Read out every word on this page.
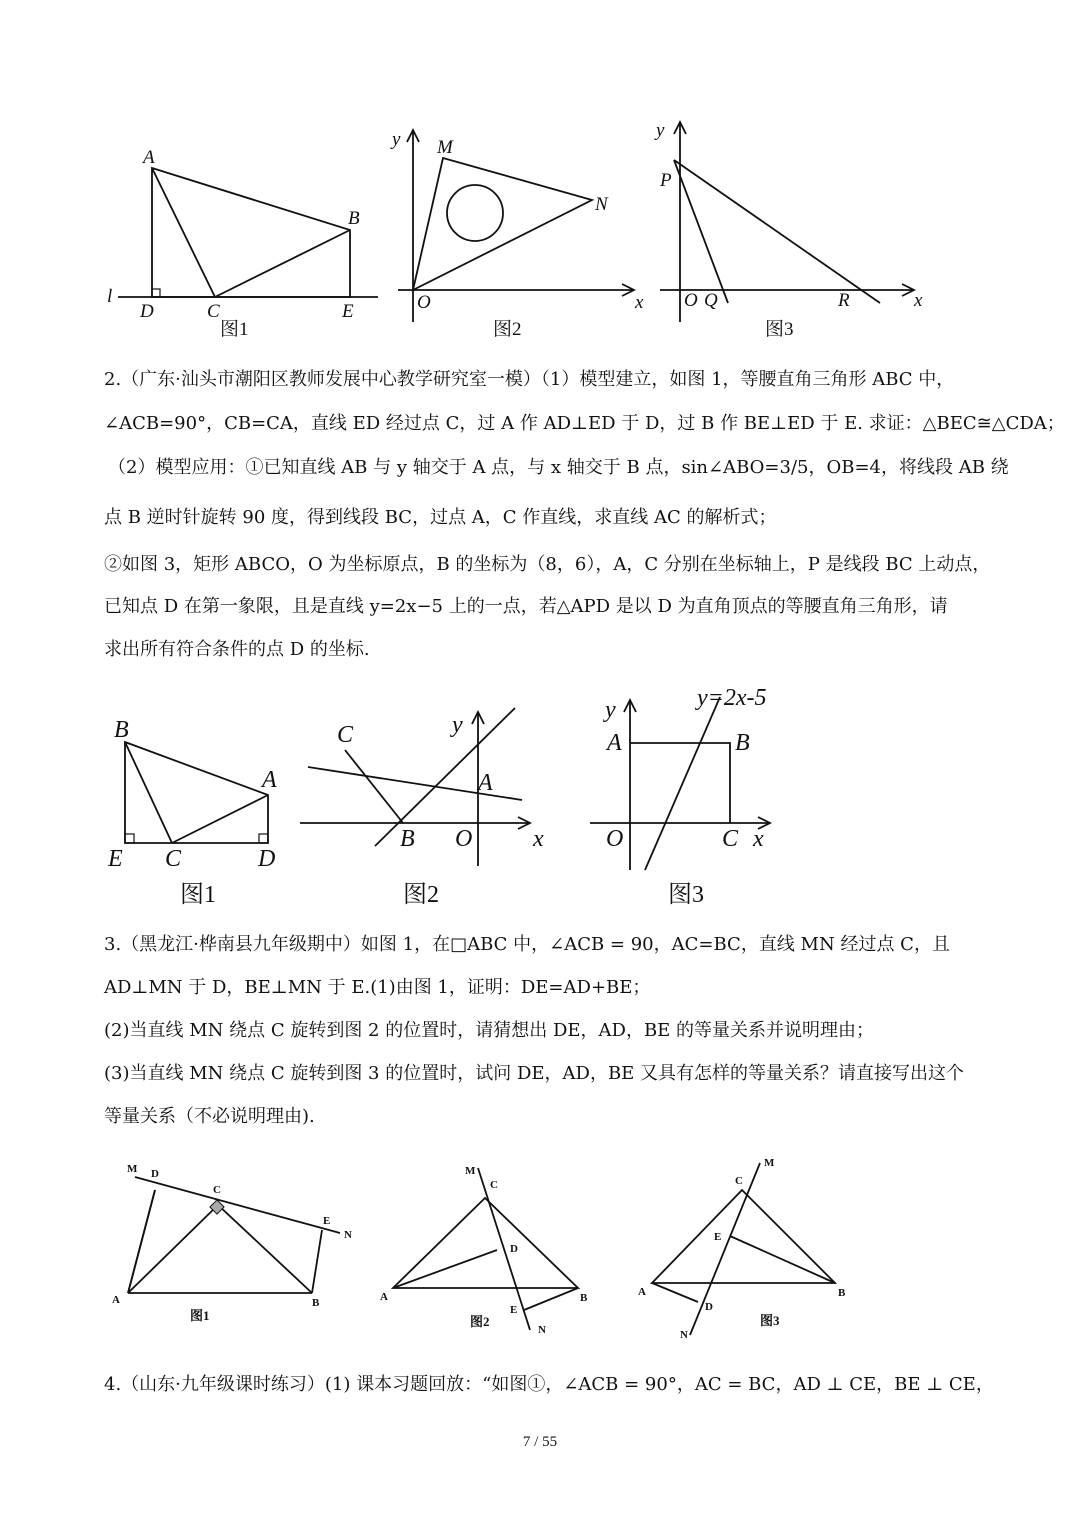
A
B
C
D	E
l
图1
y M
N
O	x
图2
y
P
O Q	R	x
图3
2.（广东·汕头市潮阳区教师发展中心教学研究室一模）（1）模型建立，如图 1，等腰直角三角形 ABC 中，
∠ACB=90°，CB=CA，直线 ED 经过点 C，过 A 作 AD⊥ED 于 D，过 B 作 BE⊥ED 于 E. 求证：△BEC≅△CDA；
（2）模型应用：①已知直线 AB 与 y 轴交于 A 点，与 x 轴交于 B 点，sin∠ABO=3/5，OB=4，将线段 AB 绕
点 B 逆时针旋转 90 度，得到线段 BC，过点 A，C 作直线，求直线 AC 的解析式；
②如图 3，矩形 ABCO，O 为坐标原点，B 的坐标为（8，6），A，C 分别在坐标轴上，P 是线段 BC 上动点，
已知点 D 在第一象限，且是直线 y=2x−5 上的一点，若△APD 是以 D 为直角顶点的等腰直角三角形，请
求出所有符合条件的点 D 的坐标.
B
A
E C	D
图1
C	y
A
B O	x
图2
y	y=2x-5
A	B
O	C x
图3
3.（黑龙江·桦南县九年级期中）如图 1，在□ABC 中，∠ACB = 90，AC=BC，直线 MN 经过点 C，且
AD⊥MN 于 D，BE⊥MN 于 E.(1)由图 1，证明：DE=AD+BE；
(2)当直线 MN 绕点 C 旋转到图 2 的位置时，请猜想出 DE，AD，BE 的等量关系并说明理由；
(3)当直线 MN 绕点 C 旋转到图 3 的位置时，试问 DE，AD，BE 又具有怎样的等量关系？请直接写出这个
等量关系（不必说明理由).
M D
C
E
N
A	B
图1
M
C
D
E
N
A	B
图2
M
C
E
D
N
A	B
图3
4.（山东·九年级课时练习）(1) 课本习题回放：“如图①，∠ACB = 90°，AC = BC，AD ⊥ CE，BE ⊥ CE，
7 / 55
